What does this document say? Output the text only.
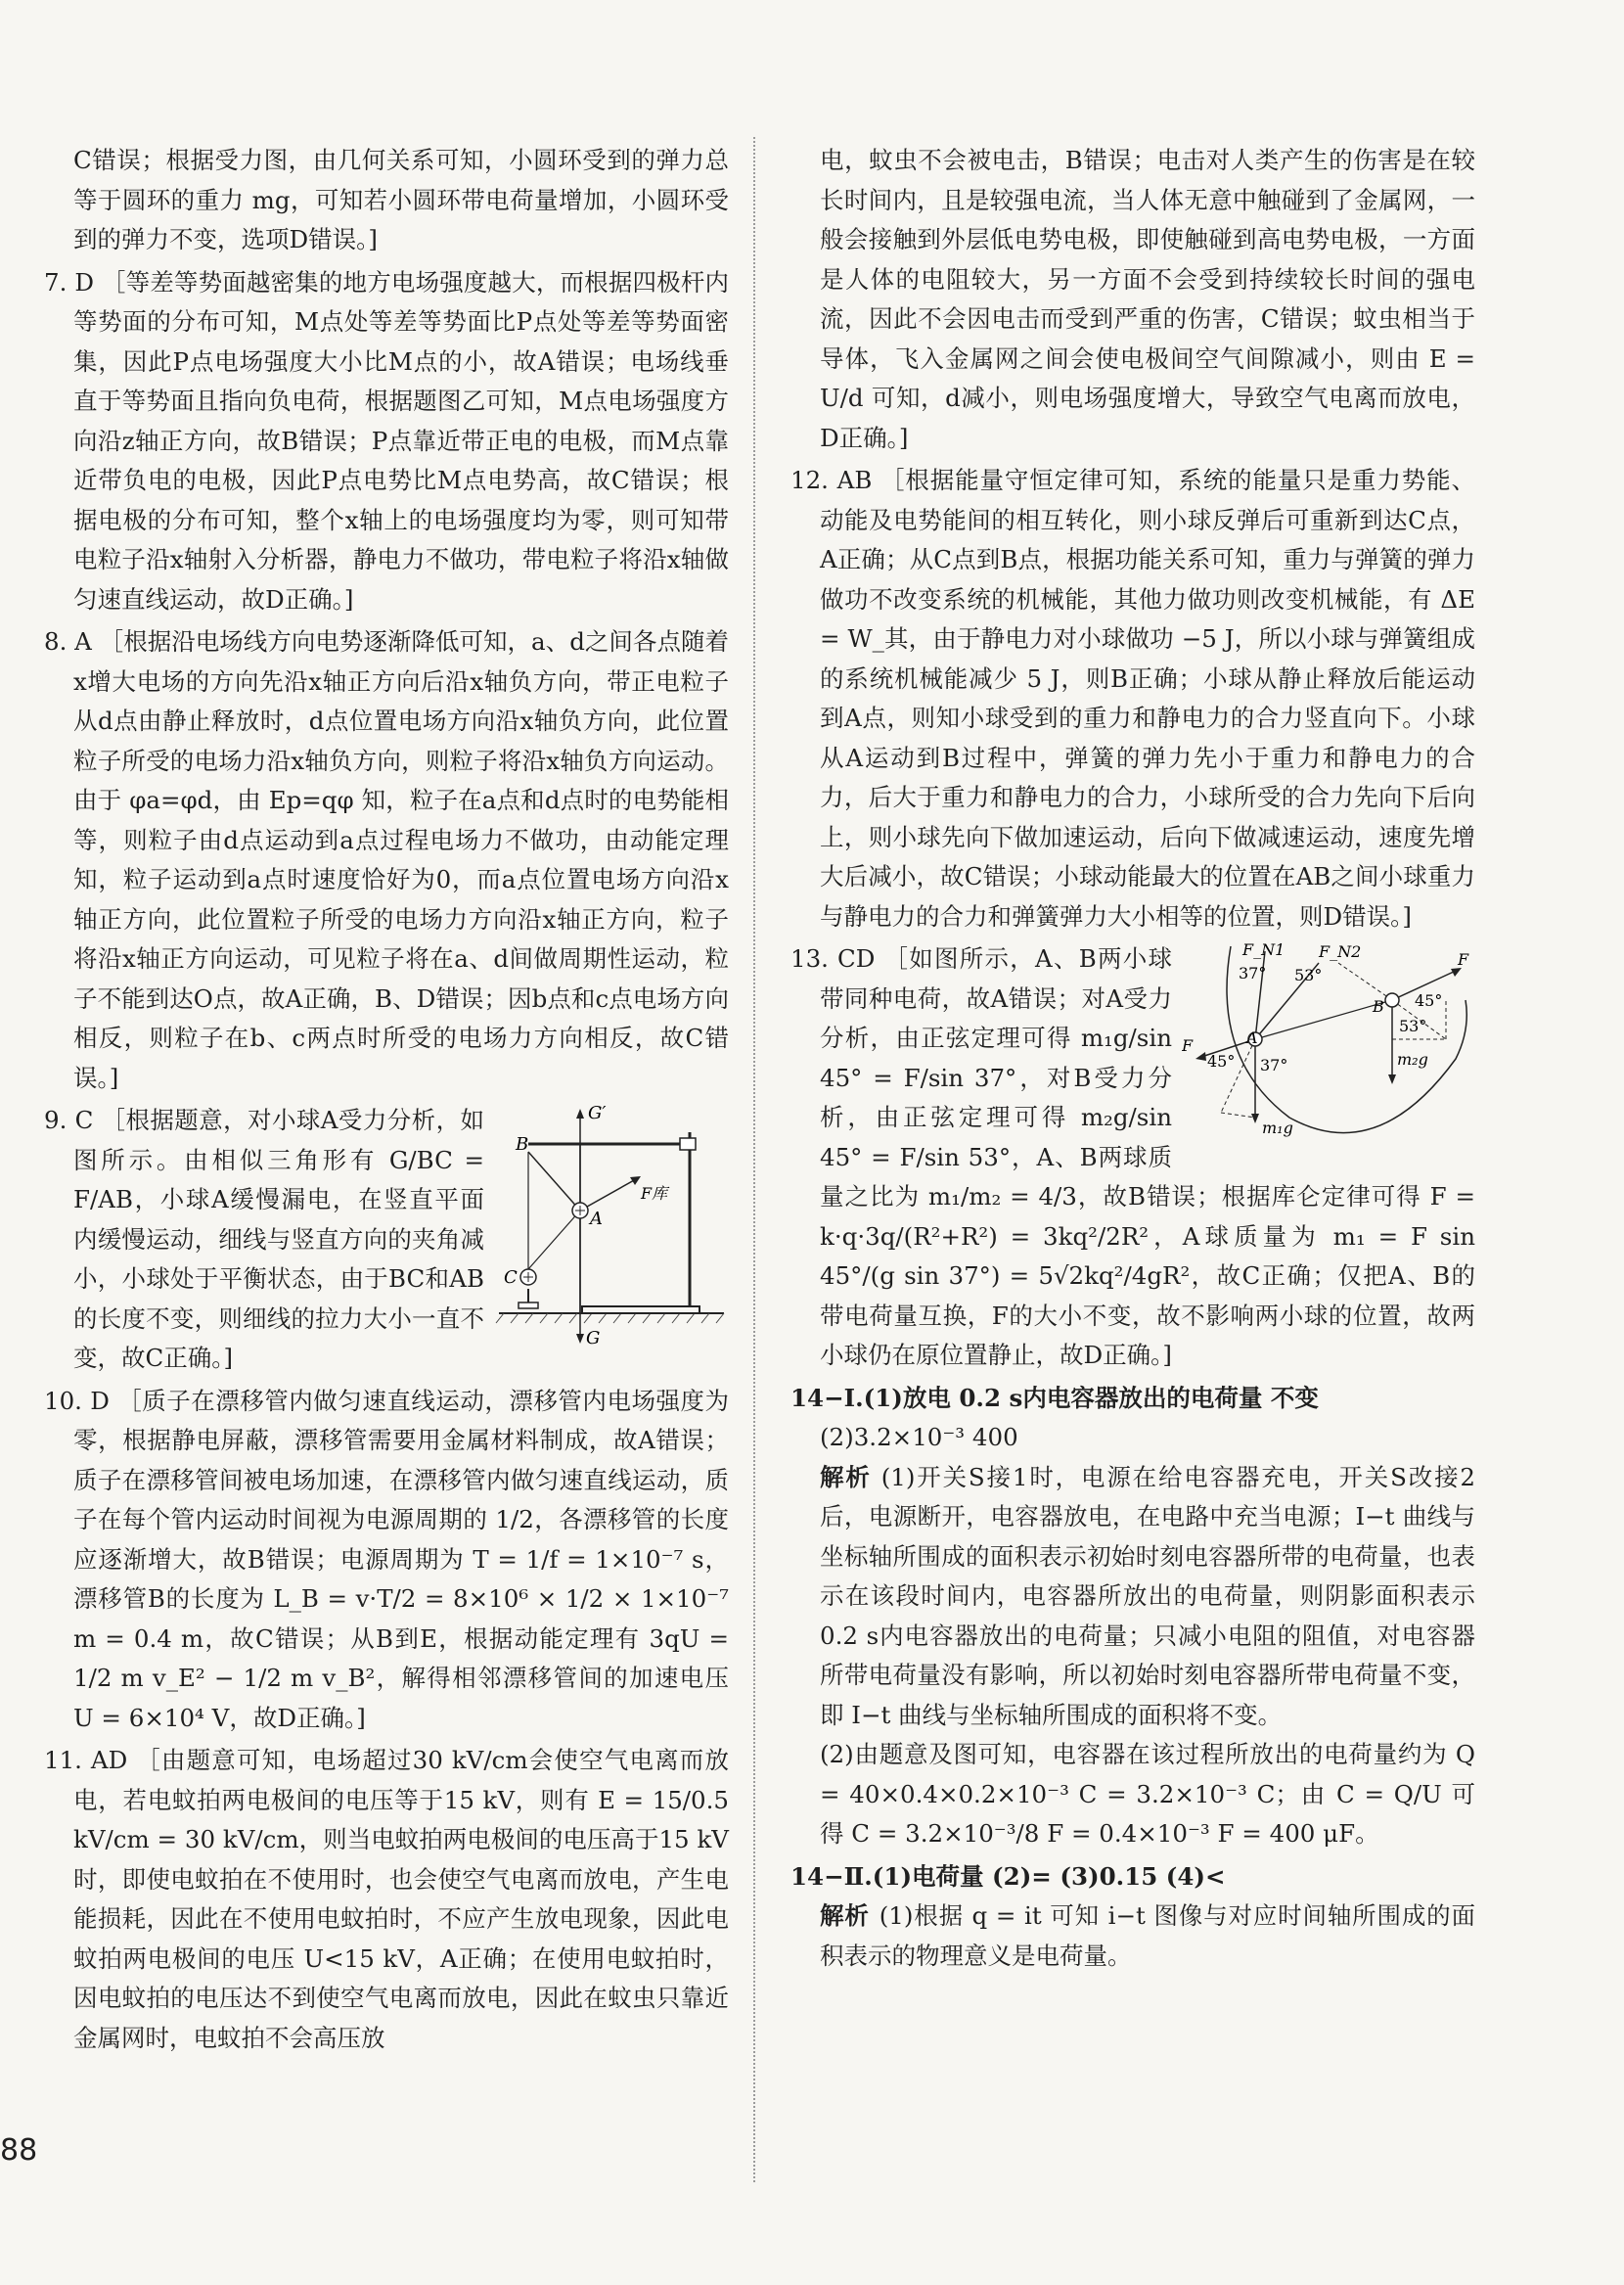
C错误；根据受力图，由几何关系可知，小圆环受到的弹力总等于圆环的重力 mg，可知若小圆环带电荷量增加，小圆环受到的弹力不变，选项D错误。]

7. D ［等差等势面越密集的地方电场强度越大，而根据四极杆内等势面的分布可知，M点处等差等势面比P点处等差等势面密集，因此P点电场强度大小比M点的小，故A错误；电场线垂直于等势面且指向负电荷，根据题图乙可知，M点电场强度方向沿z轴正方向，故B错误；P点靠近带正电的电极，而M点靠近带负电的电极，因此P点电势比M点电势高，故C错误；根据电极的分布可知，整个x轴上的电场强度均为零，则可知带电粒子沿x轴射入分析器，静电力不做功，带电粒子将沿x轴做匀速直线运动，故D正确。]

8. A ［根据沿电场线方向电势逐渐降低可知，a、d之间各点随着x增大电场的方向先沿x轴正方向后沿x轴负方向，带正电粒子从d点由静止释放时，d点位置电场方向沿x轴负方向，此位置粒子所受的电场力沿x轴负方向，则粒子将沿x轴负方向运动。由于 φa=φd，由 Ep=qφ 知，粒子在a点和d点时的电势能相等，则粒子由d点运动到a点过程电场力不做功，由动能定理知，粒子运动到a点时速度恰好为0，而a点位置电场方向沿x轴正方向，此位置粒子所受的电场力方向沿x轴正方向，粒子将沿x轴正方向运动，可见粒子将在a、d间做周期性运动，粒子不能到达O点，故A正确，B、D错误；因b点和c点电场方向相反，则粒子在b、c两点时所受的电场力方向相反，故C错误。]

G′
B
A
C
F库
G

9. C ［根据题意，对小球A受力分析，如图所示。由相似三角形有 G/BC = F/AB，小球A缓慢漏电，在竖直平面内缓慢运动，细线与竖直方向的夹角减小，小球处于平衡状态，由于BC和AB的长度不变，则细线的拉力大小一直不变，故C正确。]

10. D ［质子在漂移管内做匀速直线运动，漂移管内电场强度为零，根据静电屏蔽，漂移管需要用金属材料制成，故A错误；质子在漂移管间被电场加速，在漂移管内做匀速直线运动，质子在每个管内运动时间视为电源周期的 1/2，各漂移管的长度应逐渐增大，故B错误；电源周期为 T = 1/f = 1×10⁻⁷ s，漂移管B的长度为 L_B = v·T/2 = 8×10⁶ × 1/2 × 1×10⁻⁷ m = 0.4 m，故C错误；从B到E，根据动能定理有 3qU = 1/2 m v_E² − 1/2 m v_B²，解得相邻漂移管间的加速电压 U = 6×10⁴ V，故D正确。]

11. AD ［由题意可知，电场超过30 kV/cm会使空气电离而放电，若电蚊拍两电极间的电压等于15 kV，则有 E = 15/0.5 kV/cm = 30 kV/cm，则当电蚊拍两电极间的电压高于15 kV时，即使电蚊拍在不使用时，也会使空气电离而放电，产生电能损耗，因此在不使用电蚊拍时，不应产生放电现象，因此电蚊拍两电极间的电压 U<15 kV，A正确；在使用电蚊拍时，因电蚊拍的电压达不到使空气电离而放电，因此在蚊虫只靠近金属网时，电蚊拍不会高压放

电，蚊虫不会被电击，B错误；电击对人类产生的伤害是在较长时间内，且是较强电流，当人体无意中触碰到了金属网，一般会接触到外层低电势电极，即使触碰到高电势电极，一方面是人体的电阻较大，另一方面不会受到持续较长时间的强电流，因此不会因电击而受到严重的伤害，C错误；蚊虫相当于导体，飞入金属网之间会使电极间空气间隙减小，则由 E = U/d 可知，d减小，则电场强度增大，导致空气电离而放电，D正确。]

12. AB ［根据能量守恒定律可知，系统的能量只是重力势能、动能及电势能间的相互转化，则小球反弹后可重新到达C点，A正确；从C点到B点，根据功能关系可知，重力与弹簧的弹力做功不改变系统的机械能，其他力做功则改变机械能，有 ΔE = W_其，由于静电力对小球做功 −5 J，所以小球与弹簧组成的系统机械能减少 5 J，则B正确；小球从静止释放后能运动到A点，则知小球受到的重力和静电力的合力竖直向下。小球从A运动到B过程中，弹簧的弹力先小于重力和静电力的合力，后大于重力和静电力的合力，小球所受的合力先向下后向上，则小球先向下做加速运动，后向下做减速运动，速度先增大后减小，故C错误；小球动能最大的位置在AB之间小球重力与静电力的合力和弹簧弹力大小相等的位置，则D错误。]

F_N1 F_N2
37° 53°
F
45° 37°
A
B
F
45°
53°
m₂g
m₁g

13. CD ［如图所示，A、B两小球带同种电荷，故A错误；对A受力分析，由正弦定理可得 m₁g/sin 45° = F/sin 37°，对B受力分析，由正弦定理可得 m₂g/sin 45° = F/sin 53°，A、B两球质量之比为 m₁/m₂ = 4/3，故B错误；根据库仑定律可得 F = k·q·3q/(R²+R²) = 3kq²/2R²，A球质量为 m₁ = F sin 45°/(g sin 37°) = 5√2kq²/4gR²，故C正确；仅把A、B的带电荷量互换，F的大小不变，故不影响两小球的位置，故两小球仍在原位置静止，故D正确。]

14−Ⅰ.(1)放电 0.2 s内电容器放出的电荷量 不变

(2)3.2×10⁻³ 400

解析 (1)开关S接1时，电源在给电容器充电，开关S改接2后，电源断开，电容器放电，在电路中充当电源；I−t 曲线与坐标轴所围成的面积表示初始时刻电容器所带的电荷量，也表示在该段时间内，电容器所放出的电荷量，则阴影面积表示0.2 s内电容器放出的电荷量；只减小电阻的阻值，对电容器所带电荷量没有影响，所以初始时刻电容器所带电荷量不变，即 I−t 曲线与坐标轴所围成的面积将不变。

(2)由题意及图可知，电容器在该过程所放出的电荷量约为 Q = 40×0.4×0.2×10⁻³ C = 3.2×10⁻³ C；由 C = Q/U 可得 C = 3.2×10⁻³/8 F = 0.4×10⁻³ F = 400 μF。

14−Ⅱ.(1)电荷量 (2)= (3)0.15 (4)<

解析 (1)根据 q = it 可知 i−t 图像与对应时间轴所围成的面积表示的物理意义是电荷量。

88
